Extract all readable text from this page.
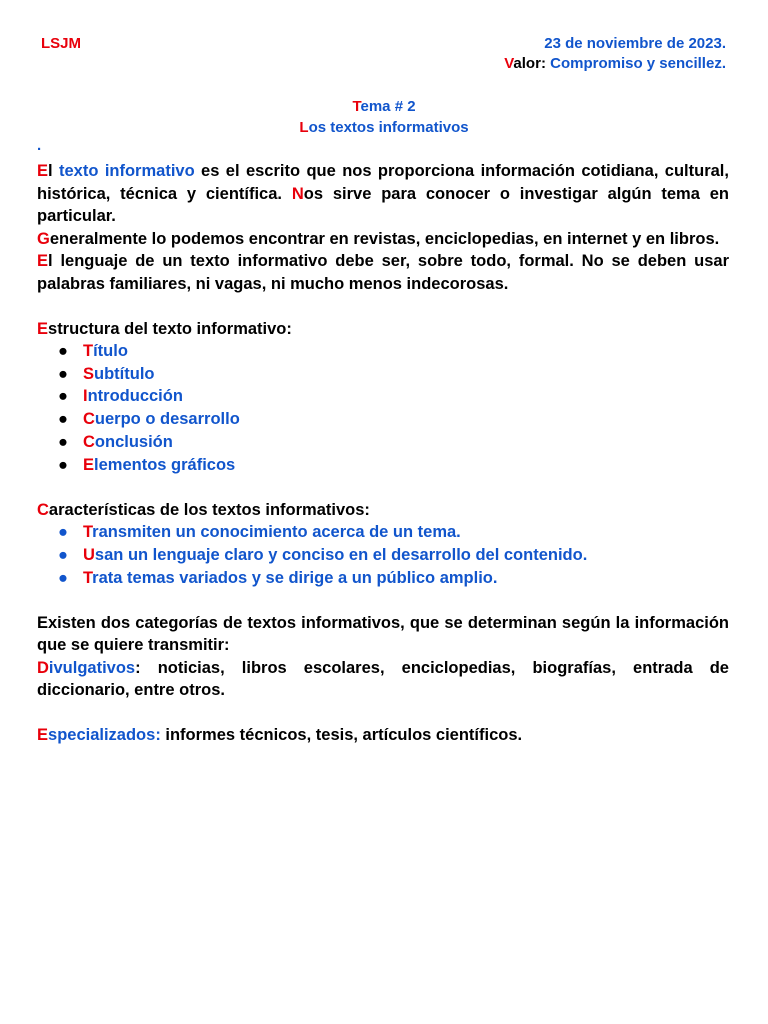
LSJM	23 de noviembre de 2023.
Valor: Compromiso y sencillez.
Tema # 2
Los textos informativos
.

El texto informativo es el escrito que nos proporciona información cotidiana, cultural, histórica, técnica y científica. Nos sirve para conocer o investigar algún tema en particular.

Generalmente lo podemos encontrar en revistas, enciclopedias, en internet y en libros.

El lenguaje de un texto informativo debe ser, sobre todo, formal. No se deben usar palabras familiares, ni vagas, ni mucho menos indecorosas.

Estructura del texto informativo:

● Título
● Subtítulo
● Introducción
● Cuerpo o desarrollo
● Conclusión
● Elementos gráficos

Características de los textos informativos:

● Transmiten un conocimiento acerca de un tema.
● Usan un lenguaje claro y conciso en el desarrollo del contenido.
● Trata temas variados y se dirige a un público amplio.

Existen dos categorías de textos informativos, que se determinan según la información que se quiere transmitir:

Divulgativos: noticias, libros escolares, enciclopedias, biografías, entrada de diccionario, entre otros.

Especializados: informes técnicos, tesis, artículos científicos.
